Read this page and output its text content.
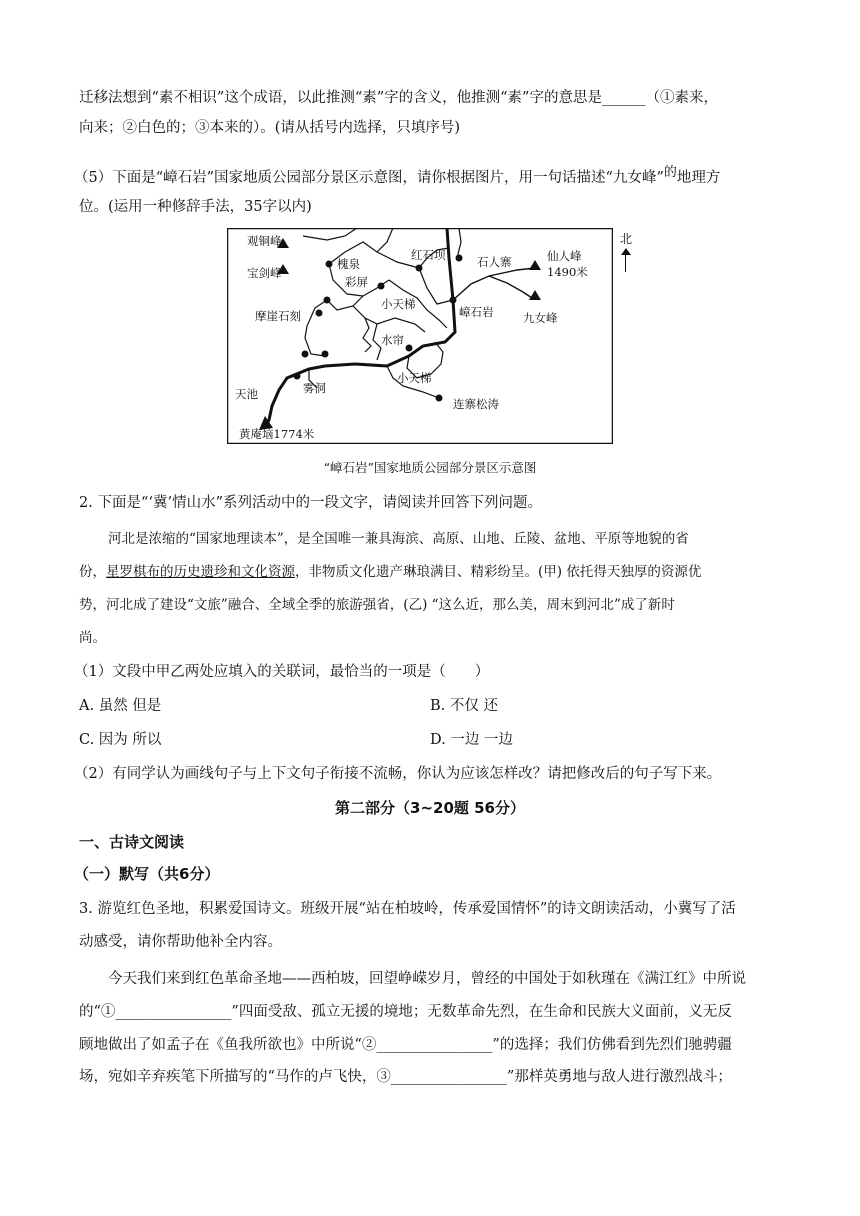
迁移法想到“素不相识”这个成语，以此推测“素”字的含义，他推测“素”字的意思是______（①素来，
向来；②白色的；③本来的）。(请从括号内选择，只填序号)
（5）下面是“嶂石岩”国家地质公园部分景区示意图，请你根据图片，用一句话描述“九女峰”$^的$地理方
位。(运用一种修辞手法，35字以内)
观铜峰
宝剑峰
槐泉
红石坝	石人寨	仙人峰
1490米
彩屏
小天梯
嶂石岩	九女峰
摩崖石刻
水帘
小天梯
天池	雾洞
连寨松涛
黄庵垴1774米
北
“嶂石岩”国家地质公园部分景区示意图
2. 下面是“‘冀’情山水”系列活动中的一段文字，请阅读并回答下列问题。
河北是浓缩的“国家地理读本”，是全国唯一兼具海滨、高原、山地、丘陵、盆地、平原等地貌的省
份，星罗棋布的历史遗珍和文化资源，非物质文化遗产琳琅满目、精彩纷呈。(甲) 依托得天独厚的资源优
势，河北成了建设“文旅”融合、全域全季的旅游强省，(乙) “这么近，那么美，周末到河北”成了新时
尚。
（1）文段中甲乙两处应填入的关联词，最恰当的一项是（　　）
A. 虽然 但是	B. 不仅 还
C. 因为 所以	D. 一边 一边
（2）有同学认为画线句子与上下文句子衔接不流畅，你认为应该怎样改？请把修改后的句子写下来。
第二部分（3~20题 56分）
一、古诗文阅读
（一）默写（共6分）
3. 游览红色圣地，积累爱国诗文。班级开展“站在柏坡岭，传承爱国情怀”的诗文朗读活动，小冀写了活
动感受，请你帮助他补全内容。
今天我们来到红色革命圣地——西柏坡，回望峥嵘岁月，曾经的中国处于如秋瑾在《满江红》中所说
的“①________________”四面受敌、孤立无援的境地；无数革命先烈，在生命和民族大义面前，义无反
顾地做出了如孟子在《鱼我所欲也》中所说“②________________”的选择；我们仿佛看到先烈们驰骋疆
场，宛如辛弃疾笔下所描写的“马作的卢飞快，③________________”那样英勇地与敌人进行激烈战斗；
